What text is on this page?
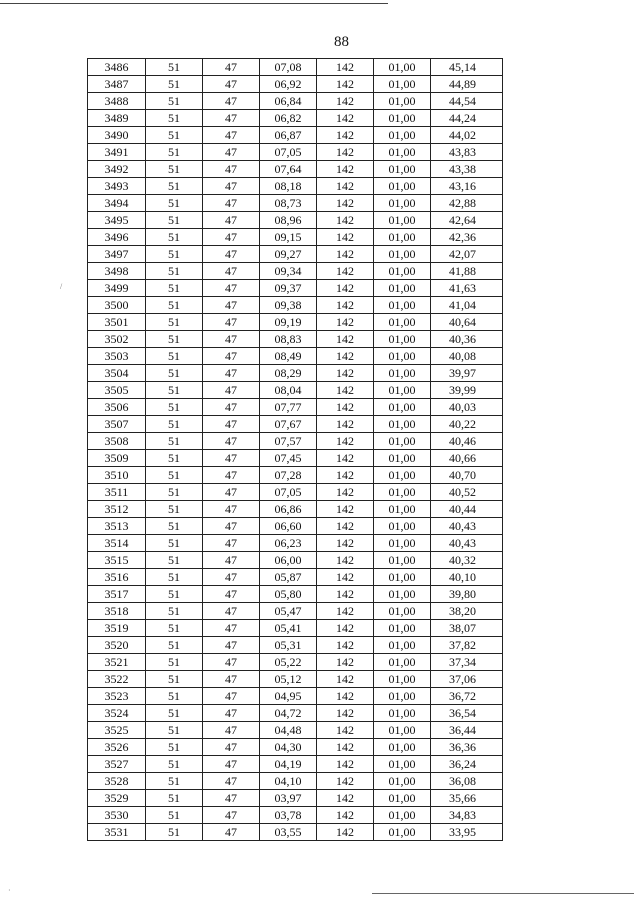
88
/
·
3486	51	47	07,08	142	01,00	45,14
3487	51	47	06,92	142	01,00	44,89
3488	51	47	06,84	142	01,00	44,54
3489	51	47	06,82	142	01,00	44,24
3490	51	47	06,87	142	01,00	44,02
3491	51	47	07,05	142	01,00	43,83
3492	51	47	07,64	142	01,00	43,38
3493	51	47	08,18	142	01,00	43,16
3494	51	47	08,73	142	01,00	42,88
3495	51	47	08,96	142	01,00	42,64
3496	51	47	09,15	142	01,00	42,36
3497	51	47	09,27	142	01,00	42,07
3498	51	47	09,34	142	01,00	41,88
3499	51	47	09,37	142	01,00	41,63
3500	51	47	09,38	142	01,00	41,04
3501	51	47	09,19	142	01,00	40,64
3502	51	47	08,83	142	01,00	40,36
3503	51	47	08,49	142	01,00	40,08
3504	51	47	08,29	142	01,00	39,97
3505	51	47	08,04	142	01,00	39,99
3506	51	47	07,77	142	01,00	40,03
3507	51	47	07,67	142	01,00	40,22
3508	51	47	07,57	142	01,00	40,46
3509	51	47	07,45	142	01,00	40,66
3510	51	47	07,28	142	01,00	40,70
3511	51	47	07,05	142	01,00	40,52
3512	51	47	06,86	142	01,00	40,44
3513	51	47	06,60	142	01,00	40,43
3514	51	47	06,23	142	01,00	40,43
3515	51	47	06,00	142	01,00	40,32
3516	51	47	05,87	142	01,00	40,10
3517	51	47	05,80	142	01,00	39,80
3518	51	47	05,47	142	01,00	38,20
3519	51	47	05,41	142	01,00	38,07
3520	51	47	05,31	142	01,00	37,82
3521	51	47	05,22	142	01,00	37,34
3522	51	47	05,12	142	01,00	37,06
3523	51	47	04,95	142	01,00	36,72
3524	51	47	04,72	142	01,00	36,54
3525	51	47	04,48	142	01,00	36,44
3526	51	47	04,30	142	01,00	36,36
3527	51	47	04,19	142	01,00	36,24
3528	51	47	04,10	142	01,00	36,08
3529	51	47	03,97	142	01,00	35,66
3530	51	47	03,78	142	01,00	34,83
3531	51	47	03,55	142	01,00	33,95
